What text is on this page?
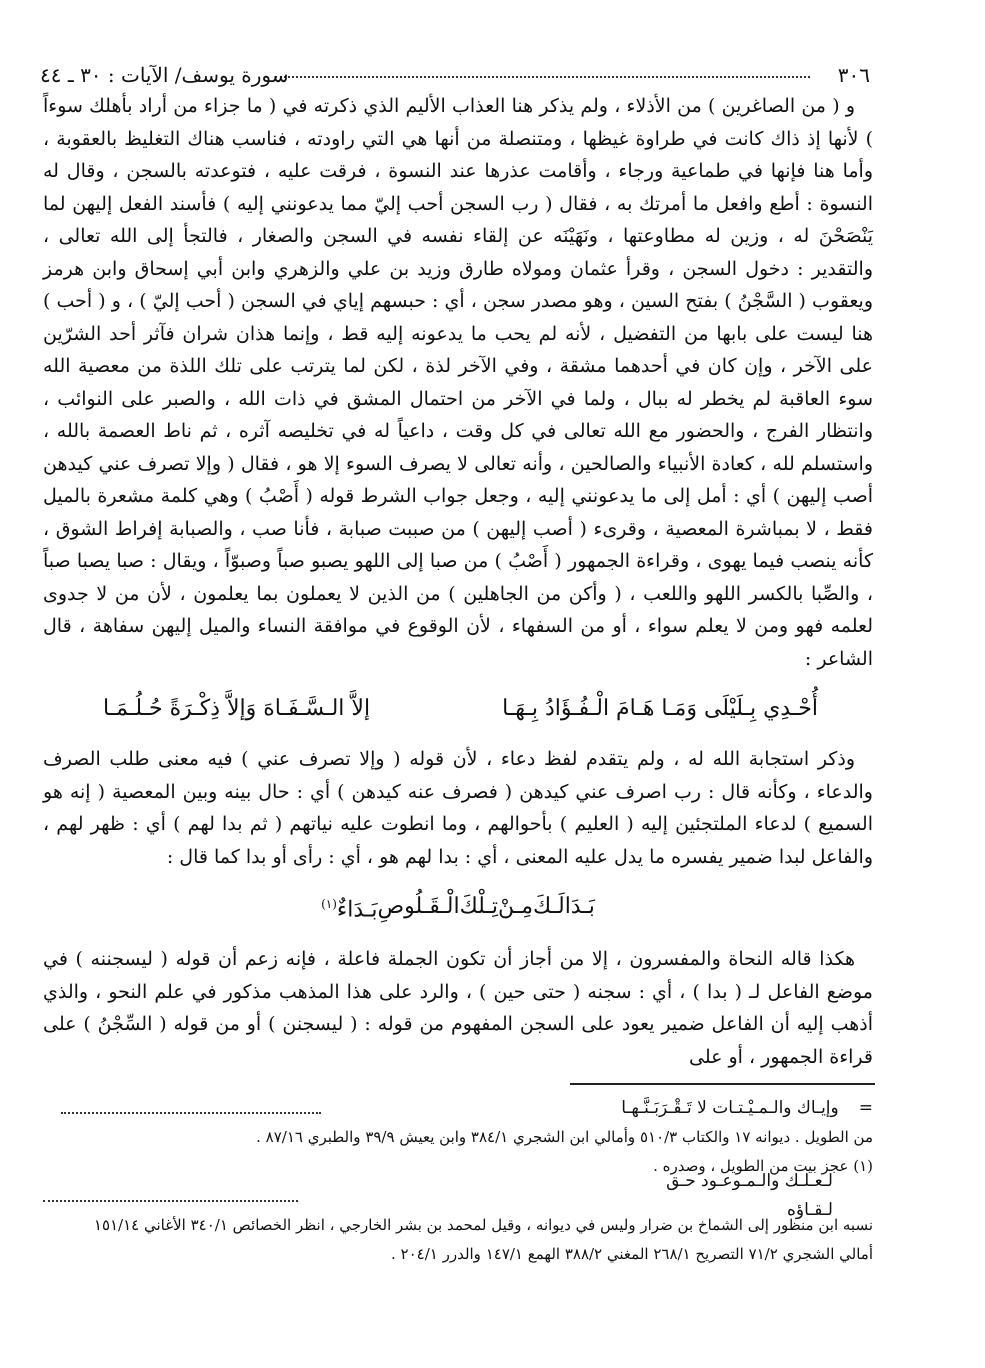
٣٠٦
سورة يوسف/ الآيات : ٣٠ ـ ٤٤

و ( من الصاغرين ) من الأذلاء ، ولم يذكر هنا العذاب الأليم الذي ذكرته في ( ما جزاء من أراد بأهلك سوءاً ) لأنها إذ ذاك كانت في طراوة غيظها ، ومتنصلة من أنها هي التي راودته ، فناسب هناك التغليظ بالعقوبة ، وأما هنا فإنها في طماعية ورجاء ، وأقامت عذرها عند النسوة ، فرقت عليه ، فتوعدته بالسجن ، وقال له النسوة : أطع وافعل ما أمرتك به ، فقال ( رب السجن أحب إليّ مما يدعونني إليه ) فأسند الفعل إليهن لما يَنْصَحْنَ له ، وزين له مطاوعتها ، ونَهَيْنَه عن إلقاء نفسه في السجن والصغار ، فالتجأ إلى الله تعالى ، والتقدير : دخول السجن ، وقرأ عثمان ومولاه طارق وزيد بن علي والزهري وابن أبي إسحاق وابن هرمز ويعقوب ( السَّجْنُ ) بفتح السين ، وهو مصدر سجن ، أي : حبسهم إياي في السجن ( أحب إليّ ) ، و ( أحب ) هنا ليست على بابها من التفضيل ، لأنه لم يحب ما يدعونه إليه قط ، وإنما هذان شران فآثر أحد الشرّين على الآخر ، وإن كان في أحدهما مشقة ، وفي الآخر لذة ، لكن لما يترتب على تلك اللذة من معصية الله سوء العاقبة لم يخطر له ببال ، ولما في الآخر من احتمال المشق في ذات الله ، والصبر على النوائب ، وانتظار الفرج ، والحضور مع الله تعالى في كل وقت ، داعياً له في تخليصه آثره ، ثم ناط العصمة بالله ، واستسلم لله ، كعادة الأنبياء والصالحين ، وأنه تعالى لا يصرف السوء إلا هو ، فقال ( وإلا تصرف عني كيدهن أصب إليهن ) أي : أمل إلى ما يدعونني إليه ، وجعل جواب الشرط قوله ( أَصْبُ ) وهي كلمة مشعرة بالميل فقط ، لا بمباشرة المعصية ، وقرىء ( أصب إليهن ) من صببت صبابة ، فأنا صب ، والصبابة إفراط الشوق ، كأنه ينصب فيما يهوى ، وقراءة الجمهور ( أَصْبُ ) من صبا إلى اللهو يصبو صباً وصبوّاً ، ويقال : صبا يصبا صباً ، والصِّبا بالكسر اللهو واللعب ، ( وأكن من الجاهلين ) من الذين لا يعملون بما يعلمون ، لأن من لا جدوى لعلمه فهو ومن لا يعلم سواء ، أو من السفهاء ، لأن الوقوع في موافقة النساء والميل إليهن سفاهة ، قال الشاعر :

أُحْـدِي بِـلَيْلَى وَمَـا هَـامَ الْـفُـؤَادُ بِـهَـا
إلاَّ الـسَّـفَـاهَ وَإلاَّ ذِكْـرَةً حُـلُـمَـا

وذكر استجابة الله له ، ولم يتقدم لفظ دعاء ، لأن قوله ( وإلا تصرف عني ) فيه معنى طلب الصرف والدعاء ، وكأنه قال : رب اصرف عني كيدهن ( فصرف عنه كيدهن ) أي : حال بينه وبين المعصية ( إنه هو السميع ) لدعاء الملتجئين إليه ( العليم ) بأحوالهم ، وما انطوت عليه نياتهم ( ثم بدا لهم ) أي : ظهر لهم ، والفاعل لبدا ضمير يفسره ما يدل عليه المعنى ، أي : بدا لهم هو ، أي : رأى أو بدا كما قال :

بَـدَا
لَـكَ
مِـنْ
تِـلْكَ
الْـقَـلُوصِ
بَـدَاءٌ$^{(١)}$

هكذا قاله النحاة والمفسرون ، إلا من أجاز أن تكون الجملة فاعلة ، فإنه زعم أن قوله ( ليسجننه ) في موضع الفاعل لـ ( بدا ) ، أي : سجنه ( حتى حين ) ، والرد على هذا المذهب مذكور في علم النحو ، والذي أذهب إليه أن الفاعل ضمير يعود على السجن المفهوم من قوله : ( ليسجنن ) أو من قوله ( السِّجْنُ ) على قراءة الجمهور ، أو على

=
وإيـاك والـمـيْـتـات لا تَـقْـرَبَـنَّـهـا
من الطويل . ديوانه ١٧ والكتاب ٥١٠/٣ وأمالي ابن الشجري ٣٨٤/١ وابن يعيش ٣٩/٩ والطبري ٨٧/١٦ .
(١) عجز بيت من الطويل ، وصدره .
لـعـلـك والـمـوعـود حـق لـقـاؤه
نسبه ابن منظور إلى الشماخ بن ضرار وليس في ديوانه ، وقيل لمحمد بن بشر الخارجي ، انظر الخصائص ٣٤٠/١ الأغاني ١٥١/١٤
أمالي الشجري ٧١/٢ التصريح ٢٦٨/١ المغني ٣٨٨/٢ الهمع ١٤٧/١ والدرر ٢٠٤/١ .
